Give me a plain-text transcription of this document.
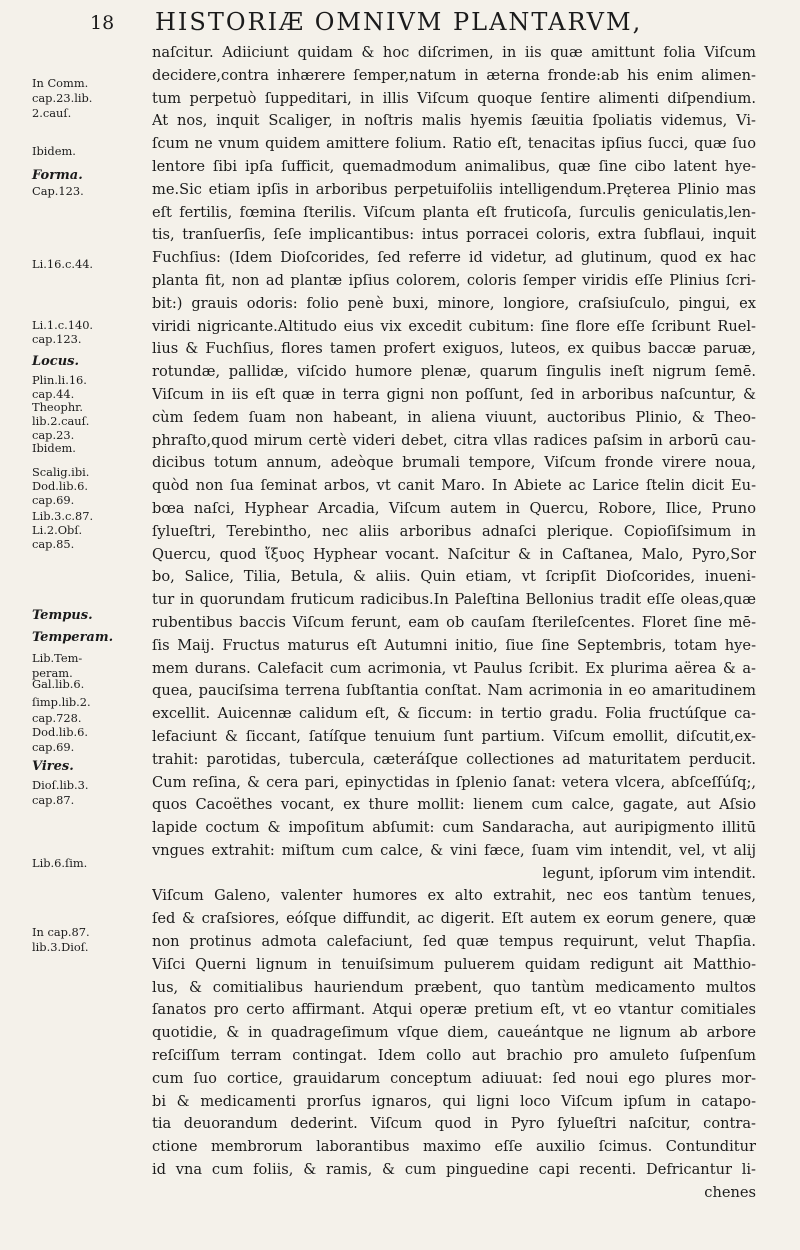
18 HISTORIÆ OMNIVM PLANTARVM,
In Comm.
cap.23.lib.
2.cauſ.
Ibidem.
Forma.
Cap.123.
Li.16.c.44.
Li.1.c.140.
cap.123.
Locus.
Plin.li.16.
cap.44.
Theophr.
lib.2.cauſ.
cap.23.
Ibidem.
Scalig.ibi.
Dod.lib.6.
cap.69.
Lib.3.c.87.
Li.2.Obſ.
cap.85.
Tempus.
Temperam.
Lib.Tem-
peram.
Gal.lib.6.
ſimp.lib.2.
cap.728.
Dod.lib.6.
cap.69.
Vires.
Dioſ.lib.3.
cap.87.
Lib.6.ſim.
In cap.87.
lib.3.Dioſ.
naſcitur. Adiiciunt quidam & hoc diſcrimen, in iis quæ amittunt folia Viſcum
decidere,contra inhærere ſemper,natum in æterna fronde:ab his enim alimen-
tum perpetuò ſuppeditari, in illis Viſcum quoque ſentire alimenti diſpendium.
At nos, inquit Scaliger, in noſtris malis hyemis ſæuitia ſpoliatis videmus, Vi-
ſcum ne vnum quidem amittere folium. Ratio eſt, tenacitas ipſius ſucci, quæ ſuo
lentore ſibi ipſa ſufficit, quemadmodum animalibus, quæ ſine cibo latent hye-
me.Sic etiam ipſis in arboribus perpetuifoliis intelligendum.Pręterea Plinio mas
eſt fertilis, fœmina ſterilis. Viſcum planta eſt fruticoſa, ſurculis geniculatis,len-
tis, tranſuerſis, ſeſe implicantibus: intus porracei coloris, extra ſubflaui, inquit
Fuchſius: (Idem Dioſcorides, ſed referre id videtur, ad glutinum, quod ex hac
planta fit, non ad plantæ ipſius colorem, coloris ſemper viridis eſſe Plinius ſcri-
bit:) grauis odoris: folio penè buxi, minore, longiore, craſsiuſculo, pingui, ex
viridi nigricante.Altitudo eius vix excedit cubitum: ſine flore eſſe ſcribunt Ruel-
lius & Fuchſius, flores tamen profert exiguos, luteos, ex quibus baccæ paruæ,
rotundæ, pallidæ, viſcido humore plenæ, quarum ſingulis ineſt nigrum ſemē.
Viſcum in iis eſt quæ in terra gigni non poſſunt, ſed in arboribus naſcuntur, &
cùm ſedem ſuam non habeant, in aliena viuunt, auctoribus Plinio, & Theo-
phraſto,quod mirum certè videri debet, citra vllas radices paſsim in arborū cau-
dicibus totum annum, adeòque brumali tempore, Viſcum fronde virere noua,
quòd non ſua ſeminat arbos, vt canit Maro. In Abiete ac Larice ſtelin dicit Eu-
bœa naſci, Hyphear Arcadia, Viſcum autem in Quercu, Robore, Ilice, Pruno
ſylueſtri, Terebintho, nec aliis arboribus adnaſci plerique. Copioſiſsimum in
Quercu, quod ἴξυος Hyphear vocant. Naſcitur & in Caſtanea, Malo, Pyro,Sor
bo, Salice, Tilia, Betula, & aliis. Quin etiam, vt ſcripſit Dioſcorides, inueni-
tur in quorundam fruticum radicibus.In Paleſtina Bellonius tradit eſſe oleas,quæ
rubentibus baccis Viſcum ferunt, eam ob cauſam ſterileſcentes. Floret ſine mē-
ſis Maij. Fructus maturus eſt Autumni initio, ſiue ſine Septembris, totam hye-
mem durans. Calefacit cum acrimonia, vt Paulus ſcribit. Ex plurima aërea & a-
quea, pauciſsima terrena ſubſtantia conſtat. Nam acrimonia in eo amaritudinem
excellit. Auicennæ calidum eſt, & ſiccum: in tertio gradu. Folia fructúſque ca-
lefaciunt & ſiccant, ſatíſque tenuium ſunt partium. Viſcum emollit, diſcutit,ex-
trahit: parotidas, tubercula, cæteráſque collectiones ad maturitatem perducit.
Cum reſina, & cera pari, epinyctidas in ſplenio ſanat: vetera vlcera, abſceſſúſq;,
quos Cacoëthes vocant, ex thure mollit: lienem cum calce, gagate, aut Aſsio
lapide coctum & impoſitum abſumit: cum Sandaracha, aut auripigmento illitū
vngues extrahit: miſtum cum calce, & vini fæce, ſuam vim intendit, vel, vt alij
legunt, ipſorum vim intendit.
Viſcum Galeno, valenter humores ex alto extrahit, nec eos tantùm tenues,
ſed & craſsiores, eóſque diffundit, ac digerit. Eſt autem ex eorum genere, quæ
non protinus admota calefaciunt, ſed quæ tempus requirunt, velut Thapſia.
Viſci Querni lignum in tenuiſsimum puluerem quidam redigunt ait Matthio-
lus, & comitialibus hauriendum præbent, quo tantùm medicamento multos
ſanatos pro certo affirmant. Atqui operæ pretium eſt, vt eo vtantur comitiales
quotidie, & in quadrageſimum vſque diem, caueántque ne lignum ab arbore
reſciſſum terram contingat. Idem collo aut brachio pro amuleto ſuſpenſum
cum ſuo cortice, grauidarum conceptum adiuuat: ſed noui ego plures mor-
bi & medicamenti prorſus ignaros, qui ligni loco Viſcum ipſum in catapo-
tia deuorandum dederint. Viſcum quod in Pyro ſylueſtri naſcitur, contra-
ctione membrorum laborantibus maximo eſſe auxilio ſcimus. Contunditur
id vna cum foliis, & ramis, & cum pinguedine capi recenti. Defricantur li-
chenes
